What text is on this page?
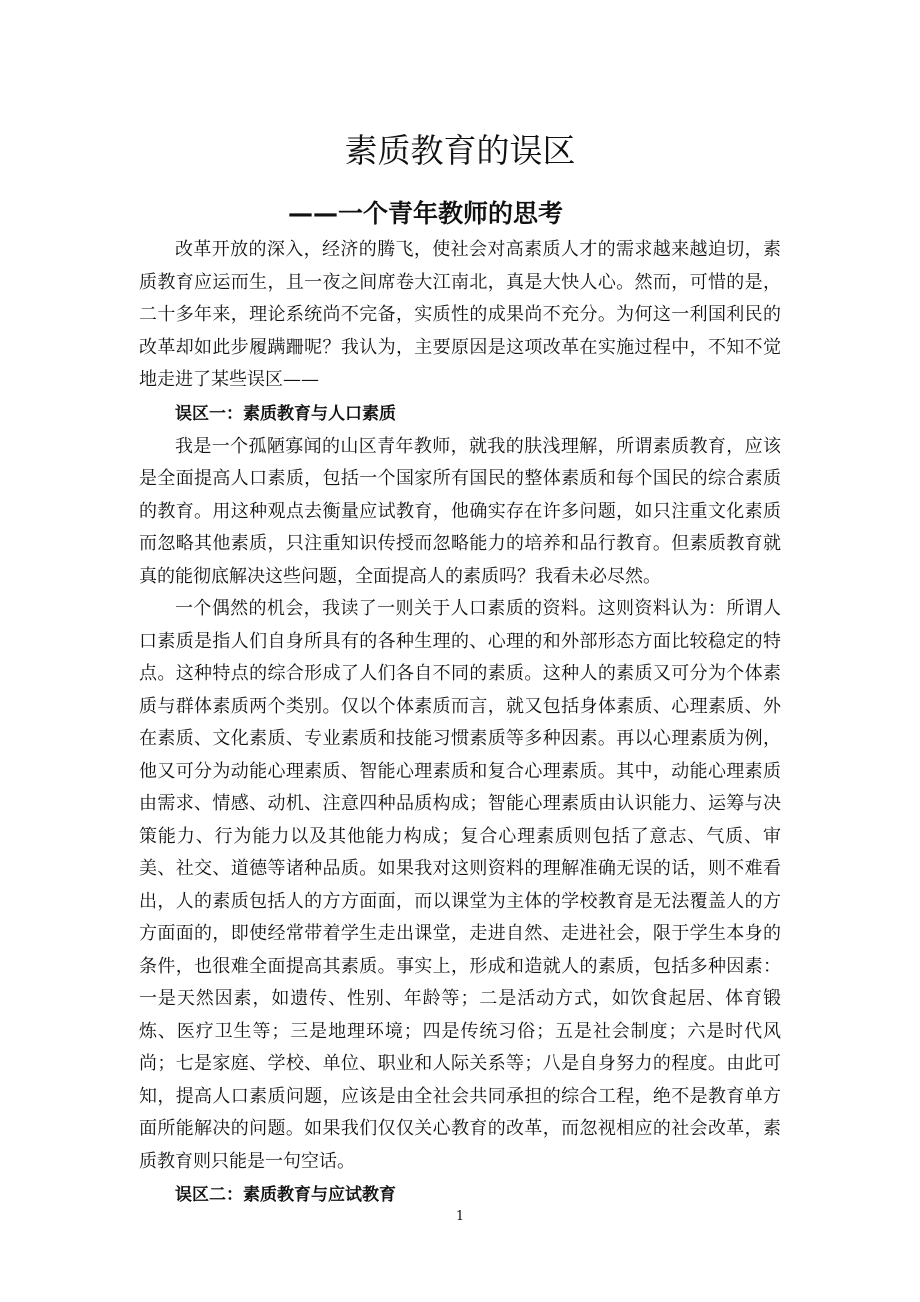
素质教育的误区
——一个青年教师的思考

改革开放的深入，经济的腾飞，使社会对高素质人才的需求越来越迫切，素质教育应运而生，且一夜之间席卷大江南北，真是大快人心。然而，可惜的是，二十多年来，理论系统尚不完备，实质性的成果尚不充分。为何这一利国利民的改革却如此步履蹒跚呢？我认为，主要原因是这项改革在实施过程中，不知不觉地走进了某些误区——

误区一：素质教育与人口素质

我是一个孤陋寡闻的山区青年教师，就我的肤浅理解，所谓素质教育，应该是全面提高人口素质，包括一个国家所有国民的整体素质和每个国民的综合素质的教育。用这种观点去衡量应试教育，他确实存在许多问题，如只注重文化素质而忽略其他素质，只注重知识传授而忽略能力的培养和品行教育。但素质教育就真的能彻底解决这些问题，全面提高人的素质吗？我看未必尽然。

一个偶然的机会，我读了一则关于人口素质的资料。这则资料认为：所谓人口素质是指人们自身所具有的各种生理的、心理的和外部形态方面比较稳定的特点。这种特点的综合形成了人们各自不同的素质。这种人的素质又可分为个体素质与群体素质两个类别。仅以个体素质而言，就又包括身体素质、心理素质、外在素质、文化素质、专业素质和技能习惯素质等多种因素。再以心理素质为例，他又可分为动能心理素质、智能心理素质和复合心理素质。其中，动能心理素质由需求、情感、动机、注意四种品质构成；智能心理素质由认识能力、运筹与决策能力、行为能力以及其他能力构成；复合心理素质则包括了意志、气质、审美、社交、道德等诸种品质。如果我对这则资料的理解准确无误的话，则不难看出，人的素质包括人的方方面面，而以课堂为主体的学校教育是无法覆盖人的方方面面的，即使经常带着学生走出课堂，走进自然、走进社会，限于学生本身的条件，也很难全面提高其素质。事实上，形成和造就人的素质，包括多种因素：一是天然因素，如遗传、性别、年龄等；二是活动方式，如饮食起居、体育锻炼、医疗卫生等；三是地理环境；四是传统习俗；五是社会制度；六是时代风尚；七是家庭、学校、单位、职业和人际关系等；八是自身努力的程度。由此可知，提高人口素质问题，应该是由全社会共同承担的综合工程，绝不是教育单方面所能解决的问题。如果我们仅仅关心教育的改革，而忽视相应的社会改革，素质教育则只能是一句空话。

误区二：素质教育与应试教育

1
